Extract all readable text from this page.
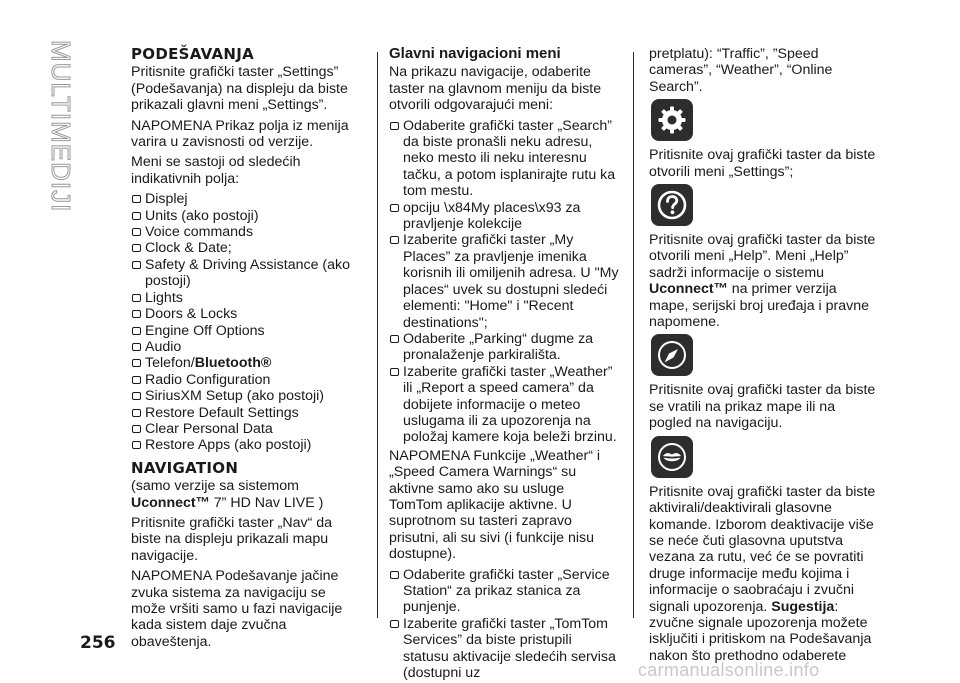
MULTIMEDIJI	PODEŠAVANJA

Pritisnite grafički taster „Settings” (Podešavanja) na displeju da biste prikazali glavni meni „Settings”.

NAPOMENA Prikaz polja iz menija varira u zavisnosti od verzije.

Meni se sastoji od sledećih indikativnih polja:

Displej
Units (ako postoji)
Voice commands
Clock & Date;
Safety & Driving Assistance (ako postoji)
Lights
Doors & Locks
Engine Off Options
Audio
Telefon/Bluetooth®
Radio Configuration
SiriusXM Setup (ako postoji)
Restore Default Settings
Clear Personal Data
Restore Apps (ako postoji)
NAVIGATION

(samo verzije sa sistemom
Uconnect™ 7” HD Nav LIVE )

Pritisnite grafički taster „Nav“ da biste na displeju prikazali mapu navigacije.

NAPOMENA Podešavanje jačine zvuka sistema za navigaciju se može vršiti samo u fazi navigacije kada sistem daje zvučna obaveštenja.

Glavni navigacioni meni

Na prikazu navigacije, odaberite taster na glavnom meniju da biste otvorili odgovarajući meni:

Odaberite grafički taster „Search” da biste pronašli neku adresu, neko mesto ili neku interesnu tačku, a potom isplanirajte rutu ka tom mestu.
opciju \x84My places\x93 za pravljenje kolekcije
Izaberite grafički taster „My Places” za pravljenje imenika korisnih ili omiljenih adresa. U "My places“ uvek su dostupni sledeći elementi: "Home" i "Recent destinations";
Odaberite „Parking“ dugme za pronalaženje parkirališta.
Izaberite grafički taster „Weather” ili „Report a speed camera” da dobijete informacije o meteo uslugama ili za upozorenja na položaj kamere koja beleži brzinu.

NAPOMENA Funkcije „Weather“ i „Speed Camera Warnings“ su aktivne samo ako su usluge TomTom aplikacije aktivne. U suprotnom su tasteri zapravo prisutni, ali su sivi (i funkcije nisu dostupne).

Odaberite grafički taster „Service Station“ za prikaz stanica za punjenje.
Izaberite grafički taster „TomTom Services” da biste pristupili statusu aktivacije sledećih servisa (dostupni uz

pretplatu): “Traffic”, ”Speed cameras”, “Weather”, “Online Search”.

Pritisnite ovaj grafički taster da biste otvorili meni „Settings”;

Pritisnite ovaj grafički taster da biste otvorili meni „Help”. Meni „Help” sadrži informacije o sistemu Uconnect™ na primer verzija mape, serijski broj uređaja i pravne napomene.

Pritisnite ovaj grafički taster da biste se vratili na prikaz mape ili na pogled na navigaciju.

Pritisnite ovaj grafički taster da biste aktivirali/deaktivirali glasovne komande. Izborom deaktivacije više se neće čuti glasovna uputstva vezana za rutu, već će se povratiti druge informacije među kojima i informacije o saobraćaju i zvučni signali upozorenja. Sugestija: zvučne signale upozorenja možete isključiti i pritiskom na Podešavanja nakon što prethodno odaberete

256
carmanualsonline.info
